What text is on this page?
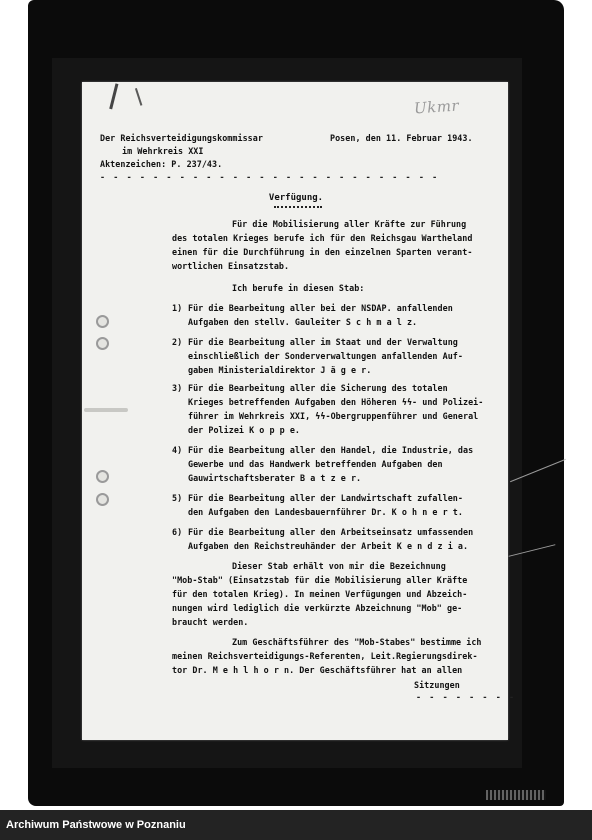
Ukmr
Der Reichsverteidigungskommissar
im Wehrkreis XXI
Aktenzeichen: P. 237/43.
Posen, den 11. Februar 1943.
- - - - - - - - - - - - - - - - - - - - - - - - - -
Verfügung.
Für die Mobilisierung aller Kräfte zur Führung
des totalen Krieges berufe ich für den Reichsgau Wartheland
einen für die Durchführung in den einzelnen Sparten verant-
wortlichen Einsatzstab.
Ich berufe in diesen Stab:
1) Für die Bearbeitung aller bei der NSDAP. anfallenden
Aufgaben den stellv. Gauleiter S c h m a l z.
2) Für die Bearbeitung aller im Staat und der Verwaltung
einschließlich der Sonderverwaltungen anfallenden Auf-
gaben Ministerialdirektor J ä g e r.
3) Für die Bearbeitung aller die Sicherung des totalen
Krieges betreffenden Aufgaben den Höheren ϟϟ- und Polizei-
führer im Wehrkreis XXI, ϟϟ-Obergruppenführer und General
der Polizei K o p p e.
4) Für die Bearbeitung aller den Handel, die Industrie, das
Gewerbe und das Handwerk betreffenden Aufgaben den
Gauwirtschaftsberater B a t z e r.
5) Für die Bearbeitung aller der Landwirtschaft zufallen-
den Aufgaben den Landesbauernführer Dr. K o h n e r t.
6) Für die Bearbeitung aller den Arbeitseinsatz umfassenden
Aufgaben den Reichstreuhänder der Arbeit K e n d z i a.
Dieser Stab erhält von mir die Bezeichnung
"Mob-Stab" (Einsatzstab für die Mobilisierung aller Kräfte
für den totalen Krieg). In meinen Verfügungen und Abzeich-
nungen wird lediglich die verkürzte Abzeichnung "Mob" ge-
braucht werden.
Zum Geschäftsführer des "Mob-Stabes" bestimme ich
meinen Reichsverteidigungs-Referenten, Leit.Regierungsdirek-
tor Dr. M e h l h o r n. Der Geschäftsführer hat an allen
Sitzungen
- - - - - - - -
Archiwum Państwowe w Poznaniu
